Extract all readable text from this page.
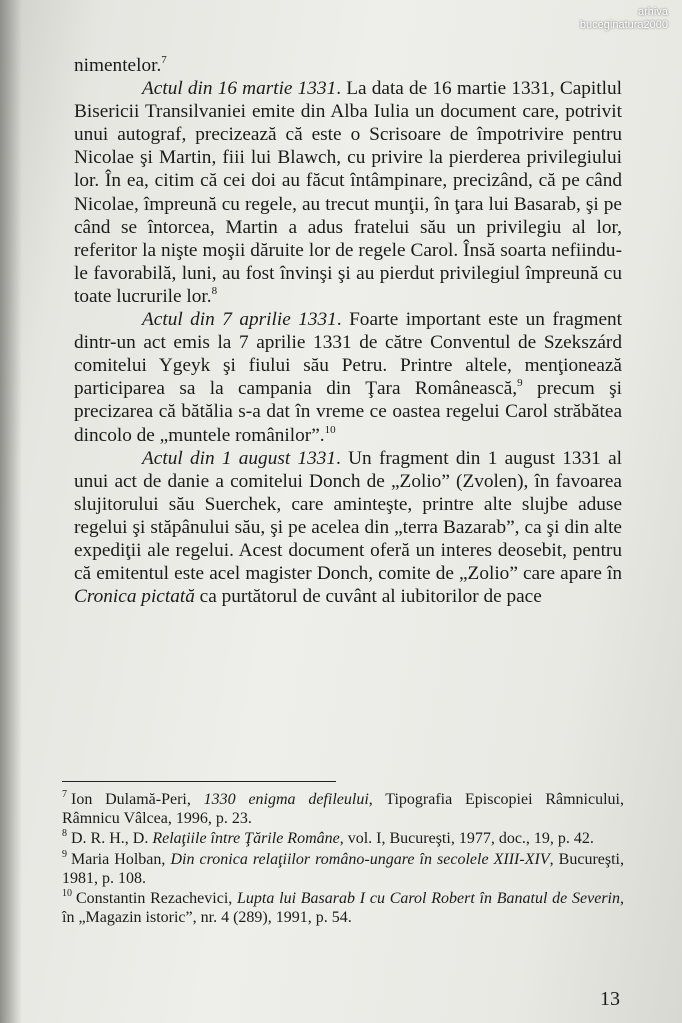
arhiva
buceginatura2000

nimentelor.$^7$

Actul din 16 martie 1331. La data de 16 martie 1331, Capitlul Bisericii Transilvaniei emite din Alba Iulia un document care, potrivit unui autograf, precizează că este o Scrisoare de împotrivire pentru Nicolae şi Martin, fiii lui Blawch, cu privire la pierderea privilegiului lor. În ea, citim că cei doi au făcut întâmpinare, precizând, că pe când Nicolae, împreună cu regele, au trecut munţii, în ţara lui Basarab, şi pe când se întorcea, Martin a adus fratelui său un privilegiu al lor, referitor la nişte moşii dăruite lor de regele Carol. Însă soarta nefiindu-le favorabilă, luni, au fost învinşi şi au pierdut privilegiul împreună cu toate lucrurile lor.$^8$

Actul din 7 aprilie 1331. Foarte important este un fragment dintr-un act emis la 7 aprilie 1331 de către Conventul de Szekszárd comitelui Ygeyk şi fiului său Petru. Printre altele, menţionează participarea sa la campania din Ţara Românească,$^9$ precum şi precizarea că bătălia s-a dat în vreme ce oastea regelui Carol străbătea dincolo de „muntele românilor”.$^{10}$

Actul din 1 august 1331. Un fragment din 1 august 1331 al unui act de danie a comitelui Donch de „Zolio” (Zvolen), în favoarea slujitorului său Suerchek, care aminteşte, printre alte slujbe aduse regelui şi stăpânului său, şi pe acelea din „terra Bazarab”, ca şi din alte expediţii ale regelui. Acest document oferă un interes deosebit, pentru că emitentul este acel magister Donch, comite de „Zolio” care apare în Cronica pictată ca purtătorul de cuvânt al iubitorilor de pace

$^7$ Ion Dulamă-Peri, 1330 enigma defileului, Tipografia Episcopiei Râmnicului, Râmnicu Vâlcea, 1996, p. 23.

$^8$ D. R. H., D. Relaţiile între Ţările Române, vol. I, Bucureşti, 1977, doc., 19, p. 42.

$^9$ Maria Holban, Din cronica relaţiilor româno-ungare în secolele XIII-XIV, Bucureşti, 1981, p. 108.

$^{10}$ Constantin Rezachevici, Lupta lui Basarab I cu Carol Robert în Banatul de Severin, în „Magazin istoric”, nr. 4 (289), 1991, p. 54.

13
